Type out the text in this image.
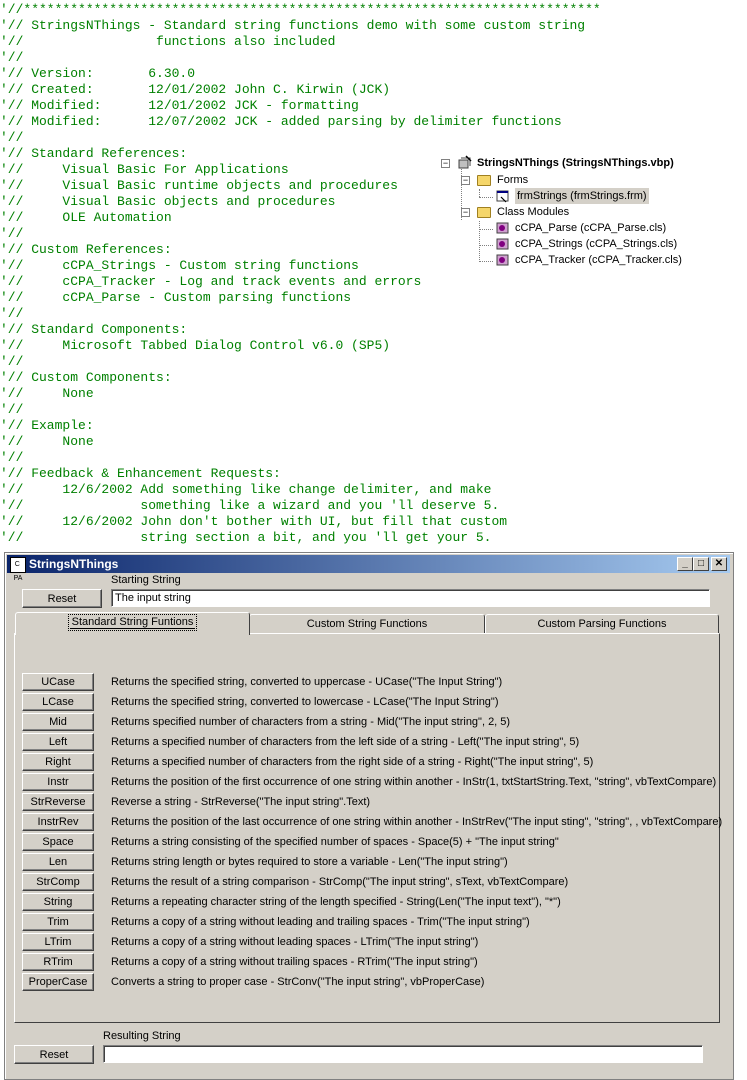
'//**************************************************************************
'// StringsNThings - Standard string functions demo with some custom string
'//                 functions also included
'//
'// Version:       6.30.0
'// Created:       12/01/2002 John C. Kirwin (JCK)
'// Modified:      12/01/2002 JCK - formatting
'// Modified:      12/07/2002 JCK - added parsing by delimiter functions
'//
'// Standard References:
'//     Visual Basic For Applications
'//     Visual Basic runtime objects and procedures
'//     Visual Basic objects and procedures
'//     OLE Automation
'//
'// Custom References:
'//     cCPA_Strings - Custom string functions
'//     cCPA_Tracker - Log and track events and errors
'//     cCPA_Parse - Custom parsing functions
'//
'// Standard Components:
'//     Microsoft Tabbed Dialog Control v6.0 (SP5)
'//
'// Custom Components:
'//     None
'//
'// Example:
'//     None
'//
'// Feedback & Enhancement Requests:
'//     12/6/2002 Add something like change delimiter, and make
'//               something like a wizard and you 'll deserve 5.
'//     12/6/2002 John don't bother with UI, but fill that custom
'//               string section a bit, and you 'll get your 5.
−	StringsNThings (StringsNThings.vbp)
−	Forms
frmStrings (frmStrings.frm)
−	Class Modules
cCPA_Parse (cCPA_Parse.cls)
cCPA_Strings (cCPA_Strings.cls)
cCPA_Tracker (cCPA_Tracker.cls)
C PA
StringsNThings	_	□	✕
Starting String
Reset
The input string
Standard String Funtions	Custom String Functions	Custom Parsing Functions
UCase	Returns the specified string, converted to uppercase - UCase("The Input String")
LCase	Returns the specified string, converted to lowercase - LCase("The Input String")
Mid	Returns specified number of characters from a string - Mid("The input string", 2, 5)
Left	Returns a specified number of characters from the left side of a string - Left("The input string", 5)
Right	Returns a specified number of characters from the right side of a string - Right("The input string", 5)
Instr	Returns the position of the first occurrence of one string within another - InStr(1, txtStartString.Text, "string", vbTextCompare)
StrReverse	Reverse a string - StrReverse("The input string".Text)
InstrRev	Returns the position of the last occurrence of one string within another - InStrRev("The input sting", "string", , vbTextCompare)
Space	Returns a string consisting of the specified number of spaces - Space(5) + "The input string"
Len	Returns string length or bytes required to store a variable - Len("The input string")
StrComp	Returns the result of a string comparison - StrComp("The input string", sText, vbTextCompare)
String	Returns a repeating character string of the length specified - String(Len("The input text"), "*")
Trim	Returns a copy of a string without leading and trailing spaces - Trim("The input string")
LTrim	Returns a copy of a string without leading spaces - LTrim("The input string")
RTrim	Returns a copy of a string without trailing spaces - RTrim("The input string")
ProperCase	Converts a string to proper case - StrConv("The input string", vbProperCase)
Resulting String
Reset
